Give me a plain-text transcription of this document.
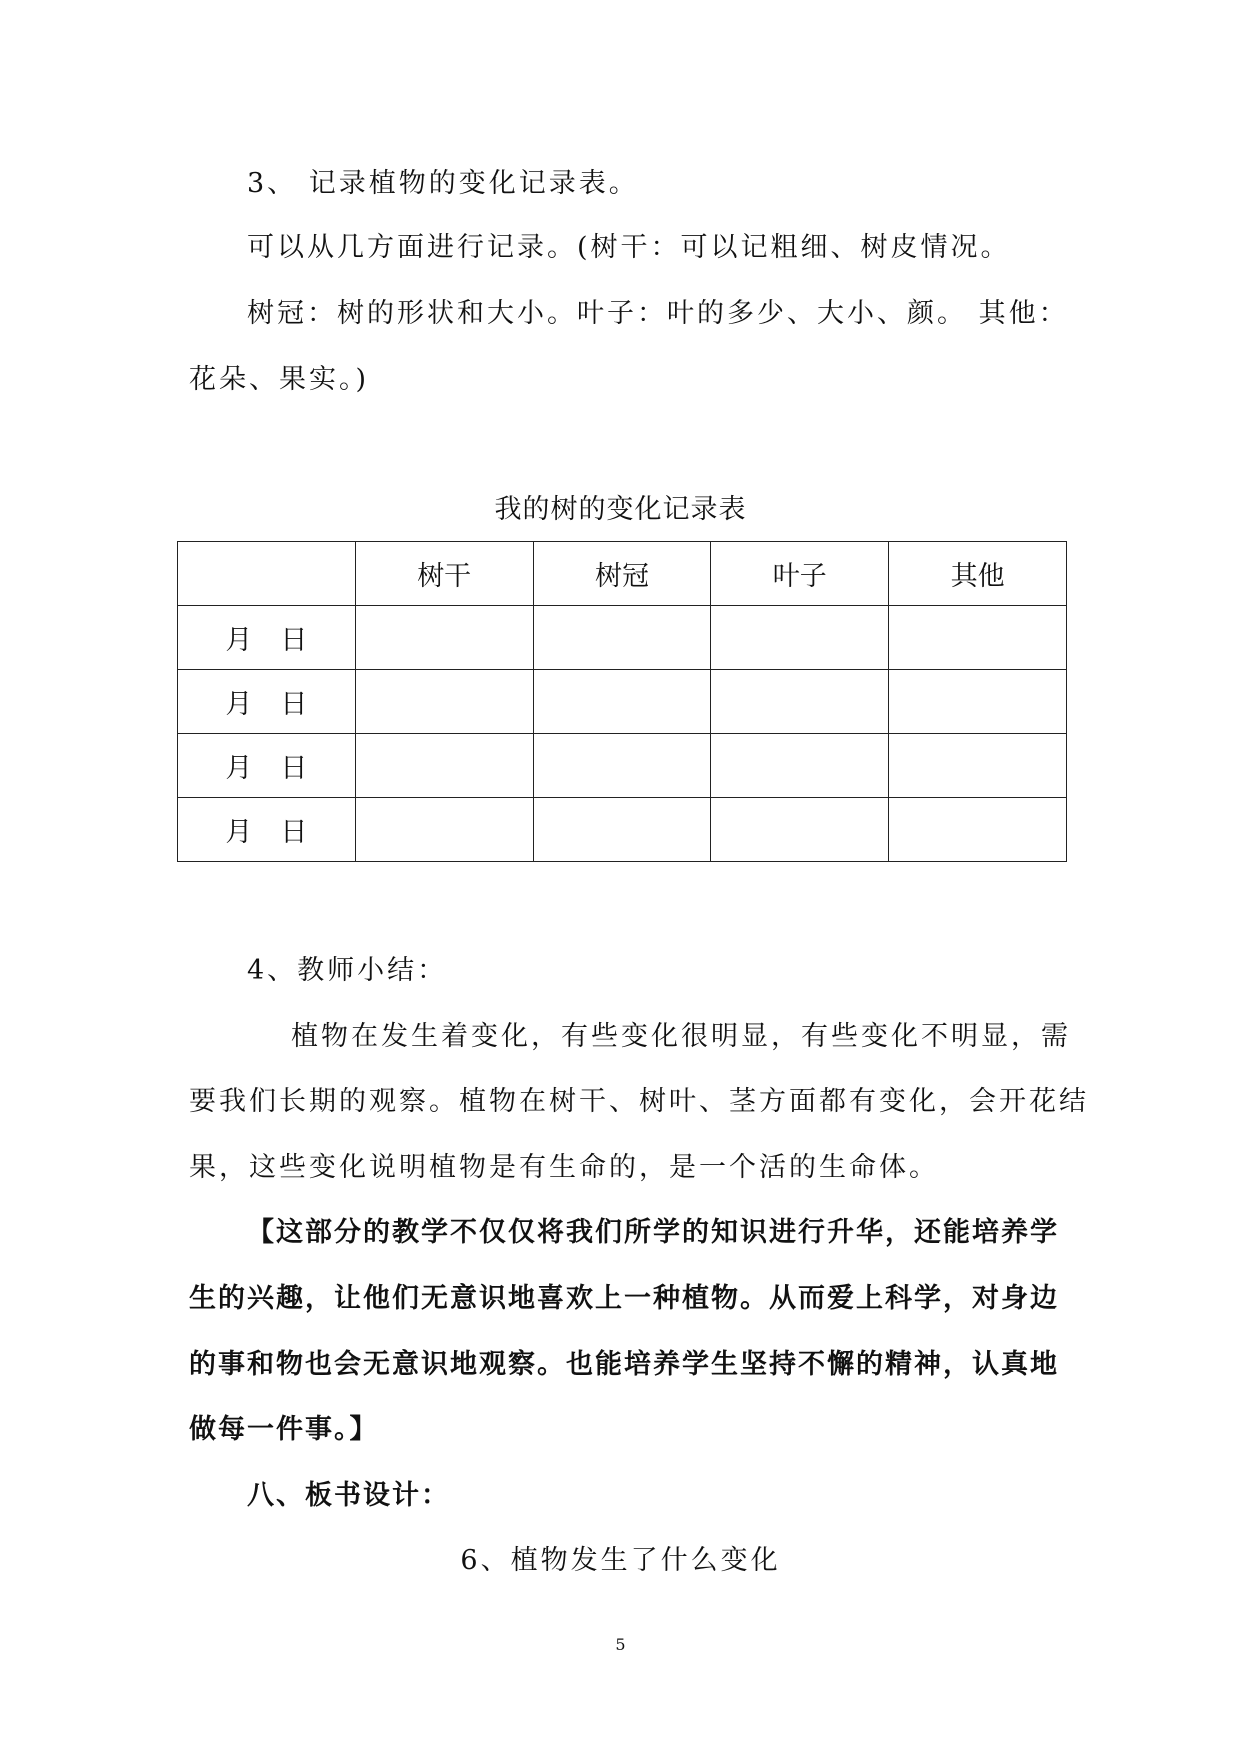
3、 记录植物的变化记录表。
可以从几方面进行记录。(树干：可以记粗细、树皮情况。
树冠：树的形状和大小。叶子：叶的多少、大小、颜。 其他：
花朵、果实。)
我的树的变化记录表
	树干	树冠	叶子	其他
月 日				
月 日				
月 日				
月 日				
4、教师小结：
植物在发生着变化，有些变化很明显，有些变化不明显，需
要我们长期的观察。植物在树干、树叶、茎方面都有变化，会开花结
果，这些变化说明植物是有生命的，是一个活的生命体。
【这部分的教学不仅仅将我们所学的知识进行升华，还能培养学
生的兴趣，让他们无意识地喜欢上一种植物。从而爱上科学，对身边
的事和物也会无意识地观察。也能培养学生坚持不懈的精神，认真地
做每一件事。】
八、板书设计：
6、植物发生了什么变化
5
